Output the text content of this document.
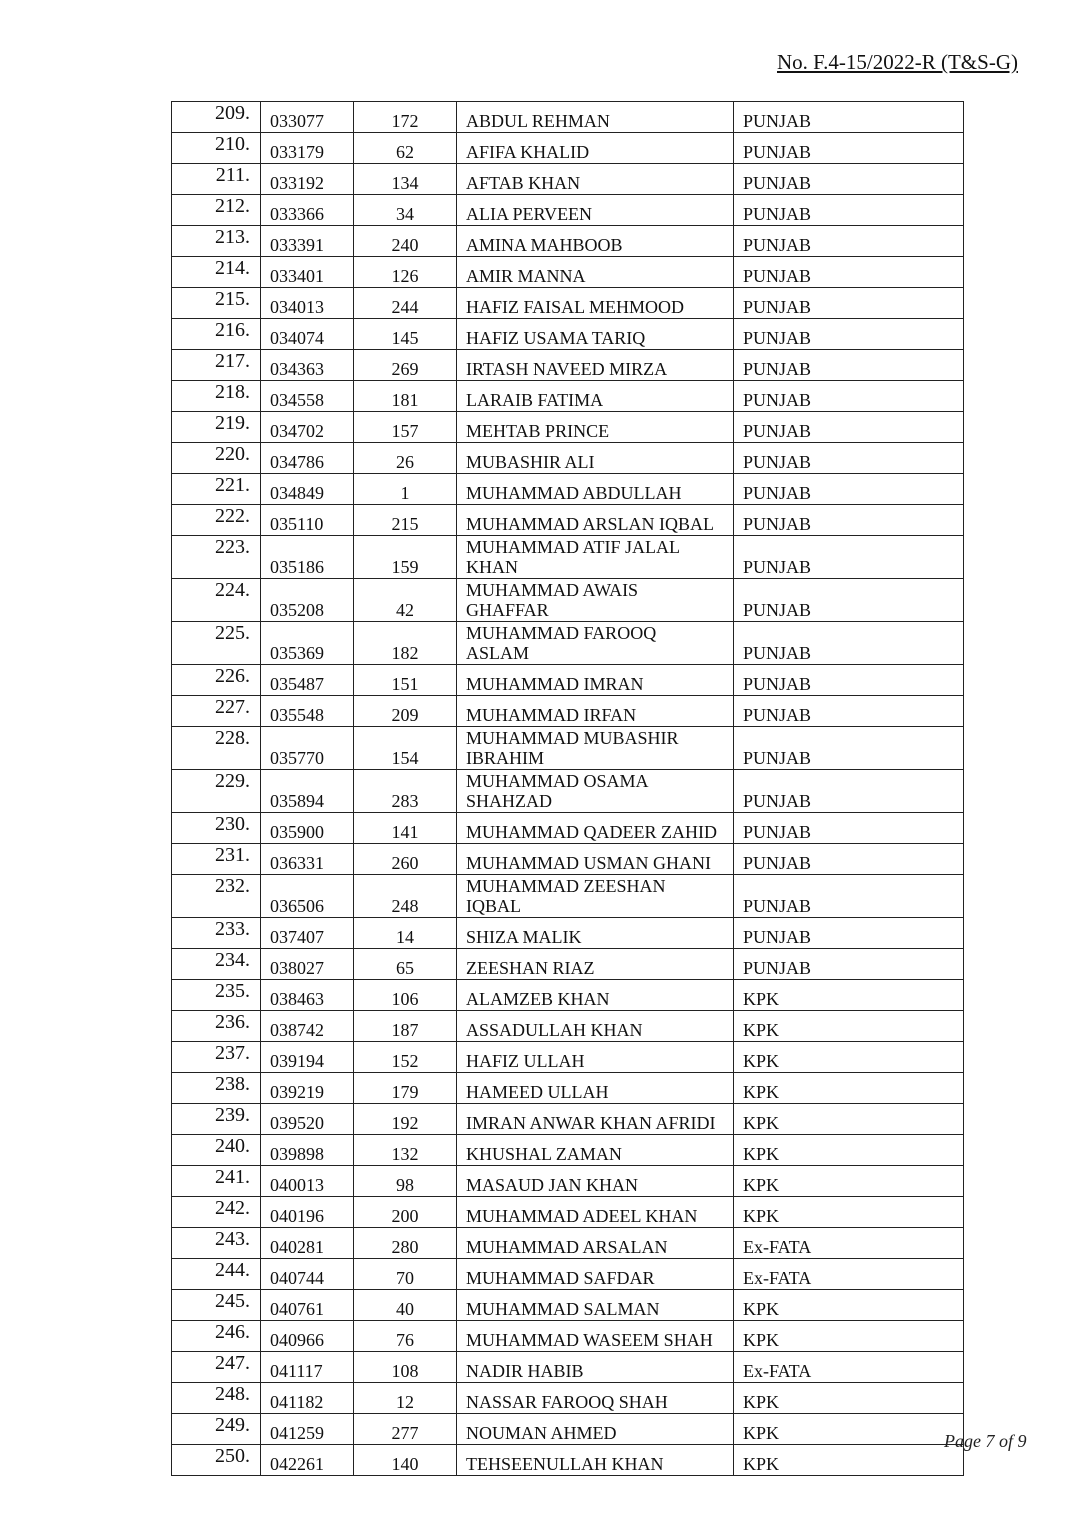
No. F.4-15/2022-R (T&S-G)
209.	033077	172	ABDUL REHMAN	PUNJAB
210.	033179	62	AFIFA KHALID	PUNJAB
211.	033192	134	AFTAB KHAN	PUNJAB
212.	033366	34	ALIA PERVEEN	PUNJAB
213.	033391	240	AMINA MAHBOOB	PUNJAB
214.	033401	126	AMIR MANNA	PUNJAB
215.	034013	244	HAFIZ FAISAL MEHMOOD	PUNJAB
216.	034074	145	HAFIZ USAMA TARIQ	PUNJAB
217.	034363	269	IRTASH NAVEED MIRZA	PUNJAB
218.	034558	181	LARAIB FATIMA	PUNJAB
219.	034702	157	MEHTAB PRINCE	PUNJAB
220.	034786	26	MUBASHIR ALI	PUNJAB
221.	034849	1	MUHAMMAD ABDULLAH	PUNJAB
222.	035110	215	MUHAMMAD ARSLAN IQBAL	PUNJAB
223.	035186	159	MUHAMMAD ATIF JALAL
KHAN	PUNJAB
224.	035208	42	MUHAMMAD AWAIS
GHAFFAR	PUNJAB
225.	035369	182	MUHAMMAD FAROOQ
ASLAM	PUNJAB
226.	035487	151	MUHAMMAD IMRAN	PUNJAB
227.	035548	209	MUHAMMAD IRFAN	PUNJAB
228.	035770	154	MUHAMMAD MUBASHIR
IBRAHIM	PUNJAB
229.	035894	283	MUHAMMAD OSAMA
SHAHZAD	PUNJAB
230.	035900	141	MUHAMMAD QADEER ZAHID	PUNJAB
231.	036331	260	MUHAMMAD USMAN GHANI	PUNJAB
232.	036506	248	MUHAMMAD ZEESHAN
IQBAL	PUNJAB
233.	037407	14	SHIZA MALIK	PUNJAB
234.	038027	65	ZEESHAN RIAZ	PUNJAB
235.	038463	106	ALAMZEB KHAN	KPK
236.	038742	187	ASSADULLAH KHAN	KPK
237.	039194	152	HAFIZ ULLAH	KPK
238.	039219	179	HAMEED ULLAH	KPK
239.	039520	192	IMRAN ANWAR KHAN AFRIDI	KPK
240.	039898	132	KHUSHAL ZAMAN	KPK
241.	040013	98	MASAUD JAN KHAN	KPK
242.	040196	200	MUHAMMAD ADEEL KHAN	KPK
243.	040281	280	MUHAMMAD ARSALAN	Ex-FATA
244.	040744	70	MUHAMMAD SAFDAR	Ex-FATA
245.	040761	40	MUHAMMAD SALMAN	KPK
246.	040966	76	MUHAMMAD WASEEM SHAH	KPK
247.	041117	108	NADIR HABIB	Ex-FATA
248.	041182	12	NASSAR FAROOQ SHAH	KPK
249.	041259	277	NOUMAN AHMED	KPK
250.	042261	140	TEHSEENULLAH KHAN	KPK
Page 7 of 9
